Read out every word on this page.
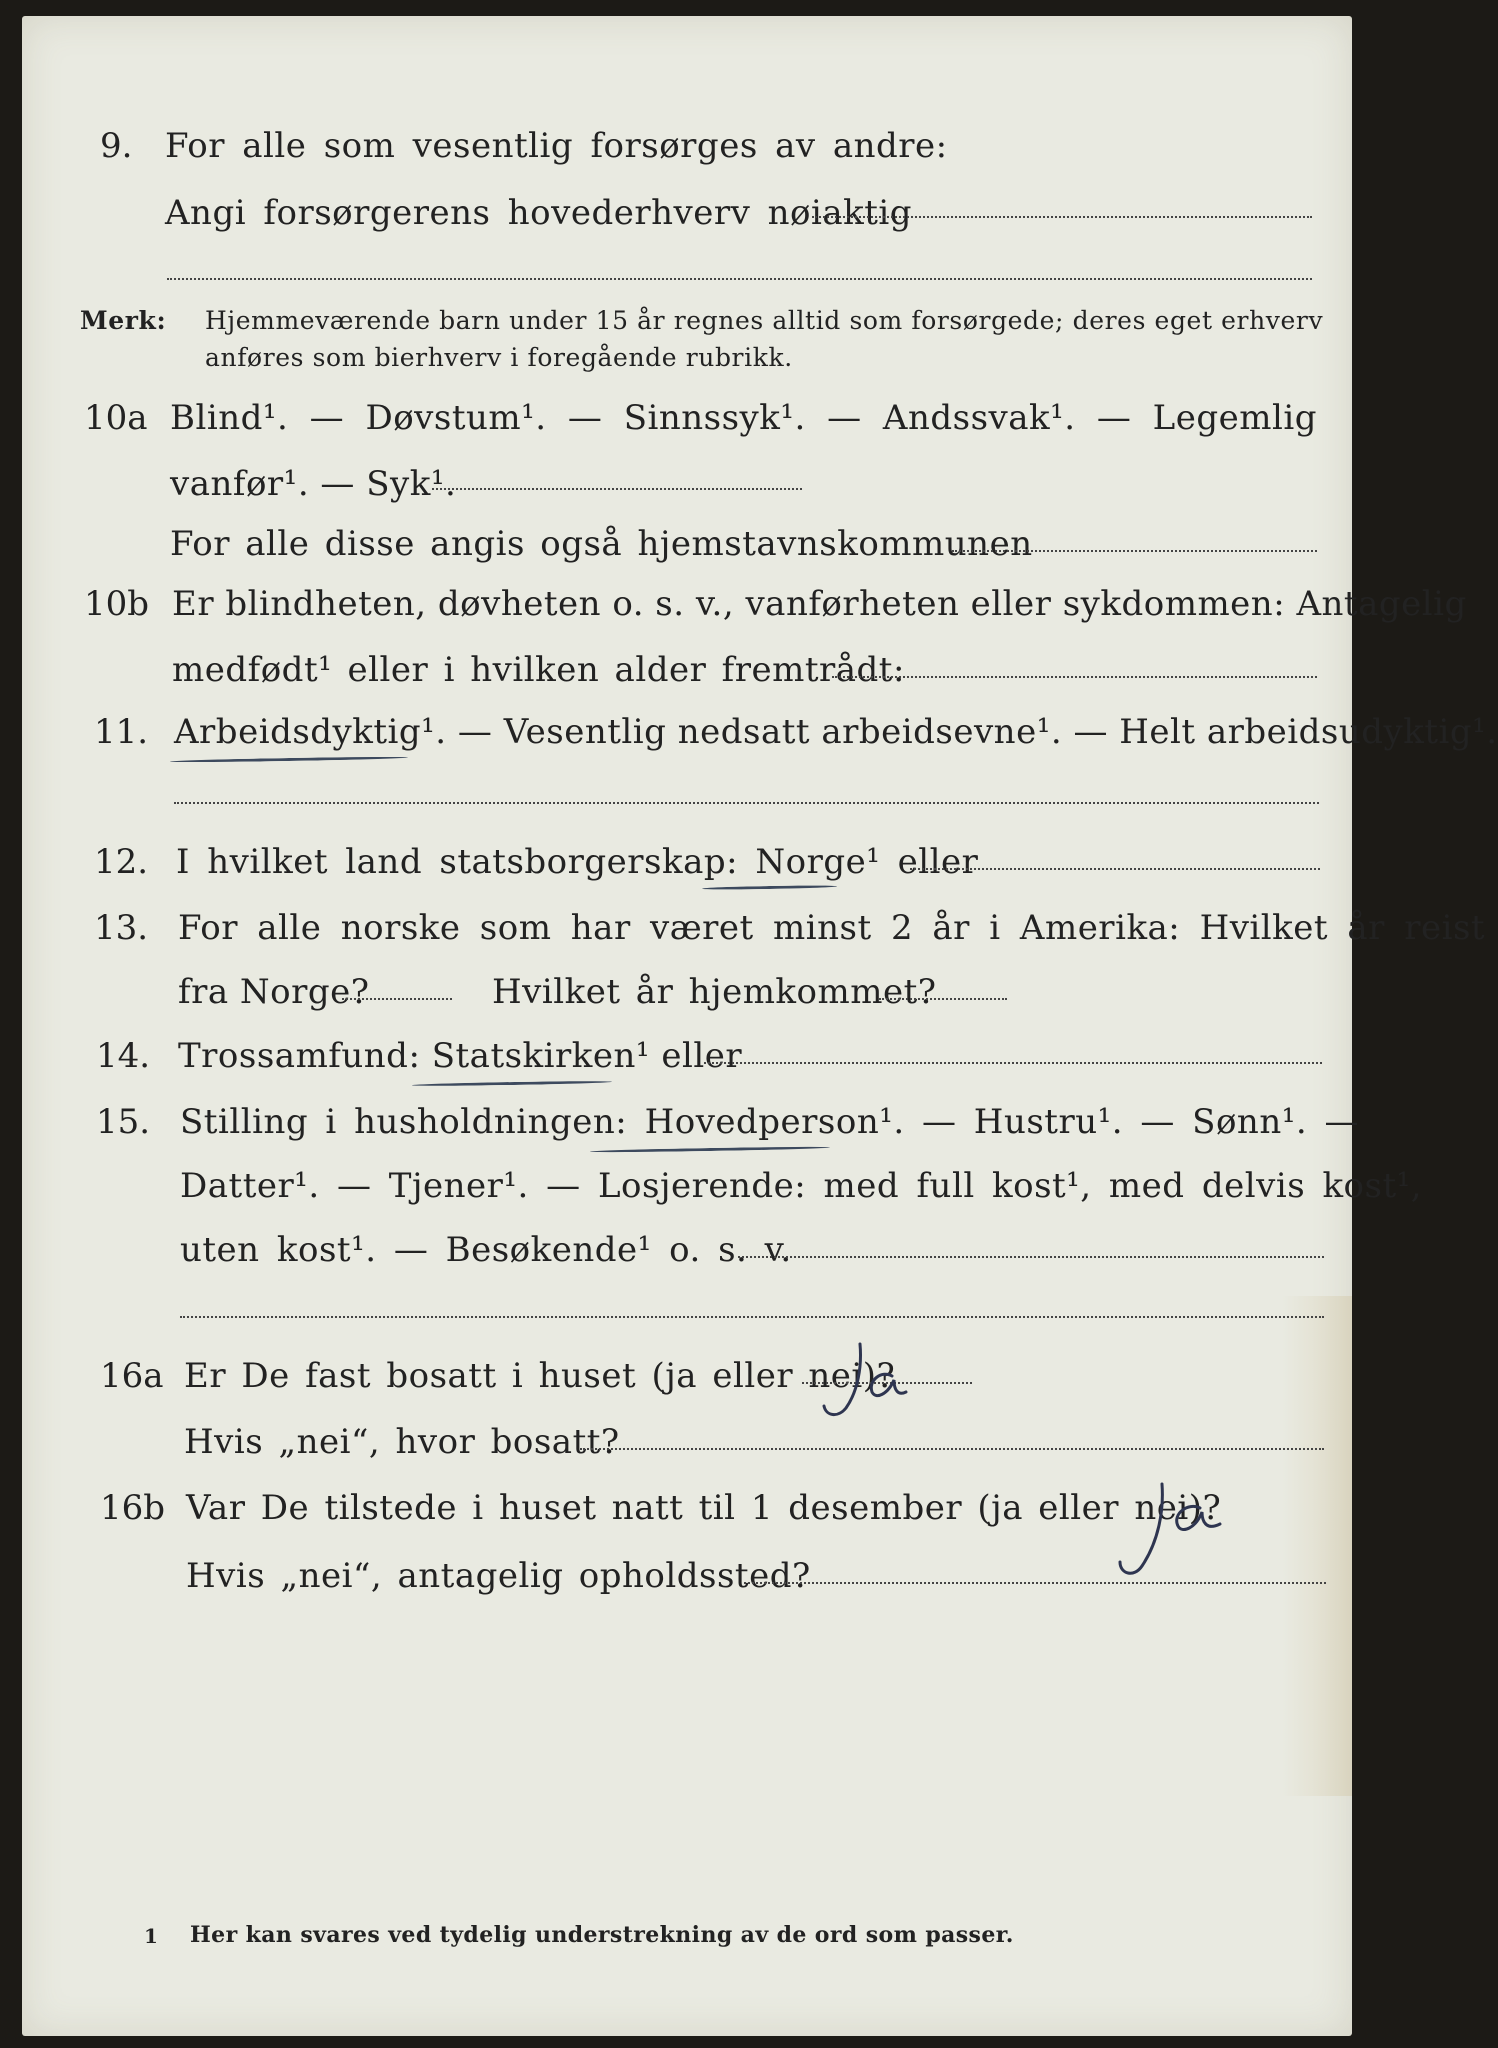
9. For alle som vesentlig forsørges av andre:
Angi forsørgerens hovederhverv nøiaktig
Merk: Hjemmeværende barn under 15 år regnes alltid som forsørgede; deres eget erhverv
anføres som bierhverv i foregående rubrikk.
10a Blind¹. — Døvstum¹. — Sinnssyk¹. — Andssvak¹. — Legemlig
vanfør¹. — Syk¹.
For alle disse angis også hjemstavnskommunen
10b Er blindheten, døvheten o. s. v., vanførheten eller sykdommen: Antagelig
medfødt¹ eller i hvilken alder fremtrådt:
11. Arbeidsdyktig¹. — Vesentlig nedsatt arbeidsevne¹. — Helt arbeidsudyktig¹.
12. I hvilket land statsborgerskap: Norge¹ eller
13. For alle norske som har været minst 2 år i Amerika: Hvilket år reist
fra Norge?	Hvilket år hjemkommet?
14. Trossamfund: Statskirken¹ eller
15. Stilling i husholdningen: Hovedperson¹. — Hustru¹. — Sønn¹. —
Datter¹. — Tjener¹. — Losjerende: med full kost¹, med delvis kost¹,
uten kost¹. — Besøkende¹ o. s. v.
16a Er De fast bosatt i huset (ja eller nei)?
Hvis „nei“, hvor bosatt?
16b Var De tilstede i huset natt til 1 desember (ja eller nei)?
Hvis „nei“, antagelig opholdssted?
1 Her kan svares ved tydelig understrekning av de ord som passer.
